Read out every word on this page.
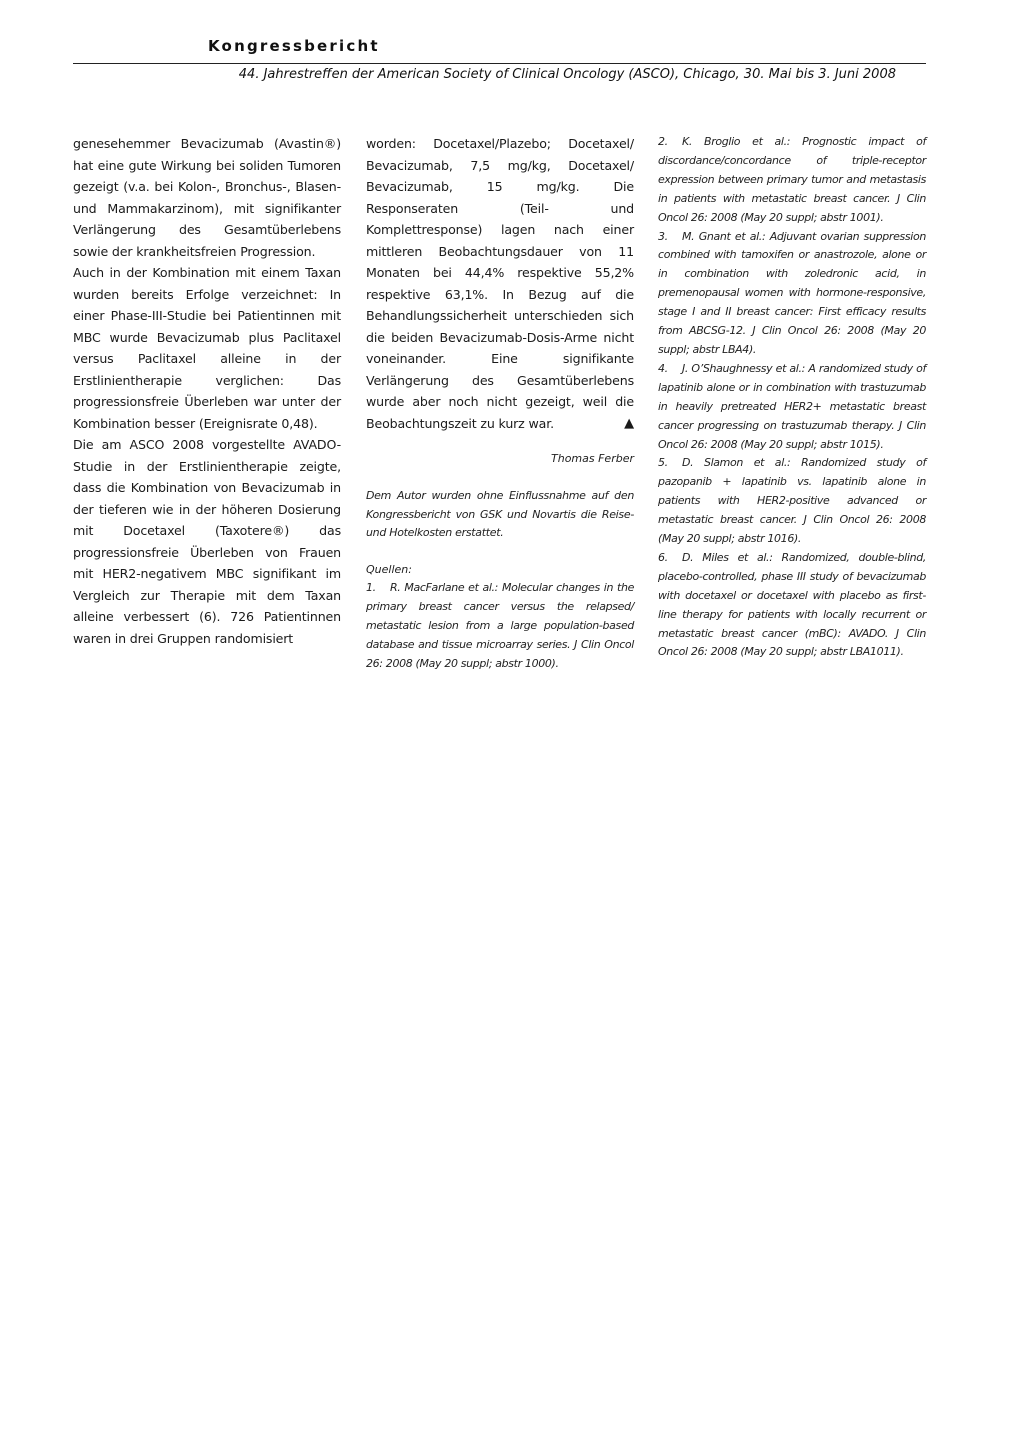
Kongressbericht
44. Jahrestreffen der American Society of Clinical Oncology (ASCO), Chicago, 30. Mai bis 3. Juni 2008

genesehemmer Bevacizumab (Avastin®) hat eine gute Wirkung bei soliden Tumoren gezeigt (v.a. bei Kolon-, Bronchus-, Blasen- und Mammakarzinom), mit signifikanter Verlängerung des Gesamtüberlebens sowie der krankheitsfreien Progression.

Auch in der Kombination mit einem Taxan wurden bereits Erfolge verzeichnet: In einer Phase-III-Studie bei Patientinnen mit MBC wurde Bevacizumab plus Paclitaxel versus Paclitaxel alleine in der Erstlinientherapie verglichen: Das progressionsfreie Überleben war unter der Kombination besser (Ereignisrate 0,48).

Die am ASCO 2008 vorgestellte AVADO-Studie in der Erstlinientherapie zeigte, dass die Kombination von Bevacizumab in der tieferen wie in der höheren Dosierung mit Docetaxel (Taxotere®) das progressionsfreie Überleben von Frauen mit HER2-negativem MBC signifikant im Vergleich zur Therapie mit dem Taxan alleine verbessert (6). 726 Patientinnen waren in drei Gruppen randomisiert

worden: Docetaxel/Plazebo; Docetaxel/ Bevacizumab, 7,5 mg/kg, Docetaxel/ Bevacizumab, 15 mg/kg. Die Responseraten (Teil- und Komplettresponse) lagen nach einer mittleren Beobachtungsdauer von 11 Monaten bei 44,4% respektive 55,2% respektive 63,1%. In Bezug auf die Behandlungssicherheit unterschieden sich die beiden Bevacizumab-Dosis-Arme nicht voneinander. Eine signifikante Verlängerung des Gesamtüberlebens wurde aber noch nicht gezeigt, weil die Beobachtungszeit zu kurz war.	▲

Thomas Ferber
Dem Autor wurden ohne Einflussnahme auf den Kongressbericht von GSK und Novartis die Reise- und Hotelkosten erstattet.
Quellen:

1. R. MacFarlane et al.: Molecular changes in the primary breast cancer versus the relapsed/ metastatic lesion from a large population-based database and tissue microarray series. J Clin Oncol 26: 2008 (May 20 suppl; abstr 1000).

2. K. Broglio et al.: Prognostic impact of discordance/concordance of triple-receptor expression between primary tumor and metastasis in patients with metastatic breast cancer. J Clin Oncol 26: 2008 (May 20 suppl; abstr 1001).

3. M. Gnant et al.: Adjuvant ovarian suppression combined with tamoxifen or anastrozole, alone or in combination with zoledronic acid, in premenopausal women with hormone-responsive, stage I and II breast cancer: First efficacy results from ABCSG-12. J Clin Oncol 26: 2008 (May 20 suppl; abstr LBA4).

4. J. O’Shaughnessy et al.: A randomized study of lapatinib alone or in combination with trastuzumab in heavily pretreated HER2+ metastatic breast cancer progressing on trastuzumab therapy. J Clin Oncol 26: 2008 (May 20 suppl; abstr 1015).

5. D. Slamon et al.: Randomized study of pazopanib + lapatinib vs. lapatinib alone in patients with HER2-positive advanced or metastatic breast cancer. J Clin Oncol 26: 2008 (May 20 suppl; abstr 1016).

6. D. Miles et al.: Randomized, double-blind, placebo-controlled, phase III study of bevacizumab with docetaxel or docetaxel with placebo as first-line therapy for patients with locally recurrent or metastatic breast cancer (mBC): AVADO. J Clin Oncol 26: 2008 (May 20 suppl; abstr LBA1011).
